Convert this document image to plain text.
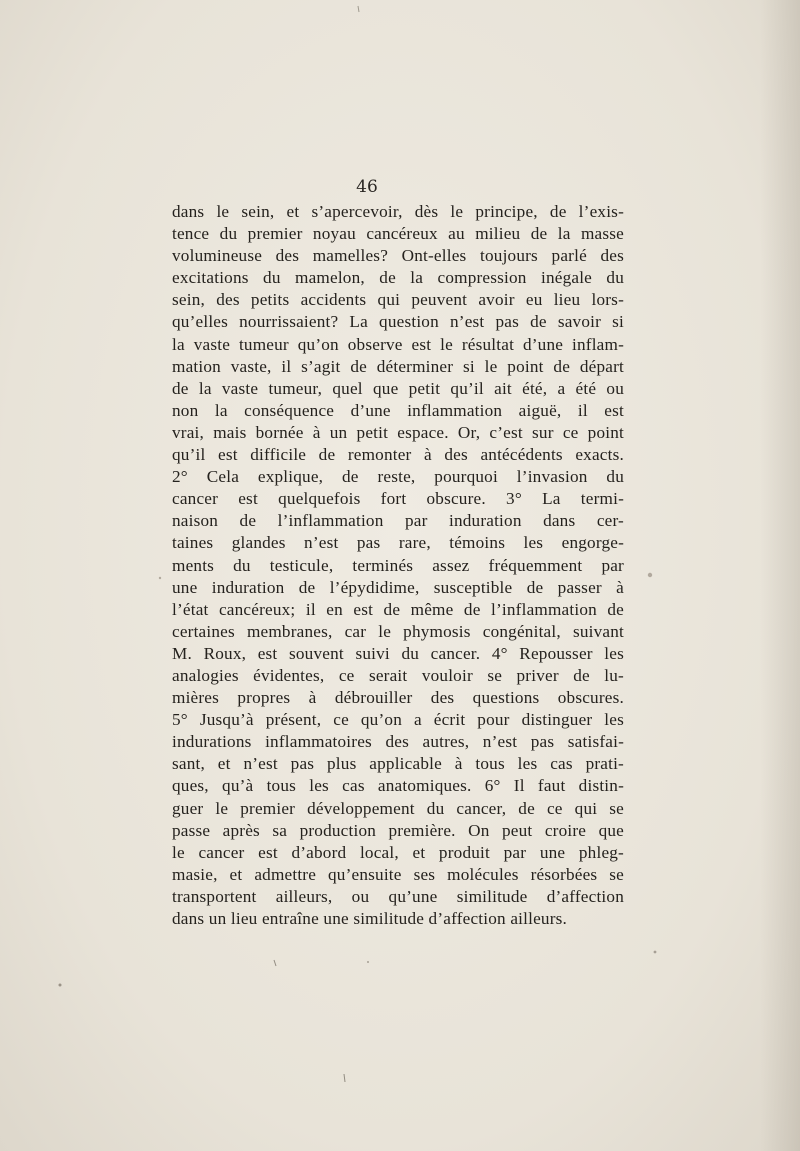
46
dans le sein, et s’apercevoir, dès le principe, de l’exis-
tence du premier noyau cancéreux au milieu de la masse
volumineuse des mamelles? Ont-elles toujours parlé des
excitations du mamelon, de la compression inégale du
sein, des petits accidents qui peuvent avoir eu lieu lors-
qu’elles nourrissaient? La question n’est pas de savoir si
la vaste tumeur qu’on observe est le résultat d’une inflam-
mation vaste, il s’agit de déterminer si le point de départ
de la vaste tumeur, quel que petit qu’il ait été, a été ou
non la conséquence d’une inflammation aiguë, il est
vrai, mais bornée à un petit espace. Or, c’est sur ce point
qu’il est difficile de remonter à des antécédents exacts.
2° Cela explique, de reste, pourquoi l’invasion du
cancer est quelquefois fort obscure. 3° La termi-
naison de l’inflammation par induration dans cer-
taines glandes n’est pas rare, témoins les engorge-
ments du testicule, terminés assez fréquemment par
une induration de l’épydidime, susceptible de passer à
l’état cancéreux; il en est de même de l’inflammation de
certaines membranes, car le phymosis congénital, suivant
M. Roux, est souvent suivi du cancer. 4° Repousser les
analogies évidentes, ce serait vouloir se priver de lu-
mières propres à débrouiller des questions obscures.
5° Jusqu’à présent, ce qu’on a écrit pour distinguer les
indurations inflammatoires des autres, n’est pas satisfai-
sant, et n’est pas plus applicable à tous les cas prati-
ques, qu’à tous les cas anatomiques. 6° Il faut distin-
guer le premier développement du cancer, de ce qui se
passe après sa production première. On peut croire que
le cancer est d’abord local, et produit par une phleg-
masie, et admettre qu’ensuite ses molécules résorbées se
transportent ailleurs, ou qu’une similitude d’affection
dans un lieu entraîne une similitude d’affection ailleurs.
